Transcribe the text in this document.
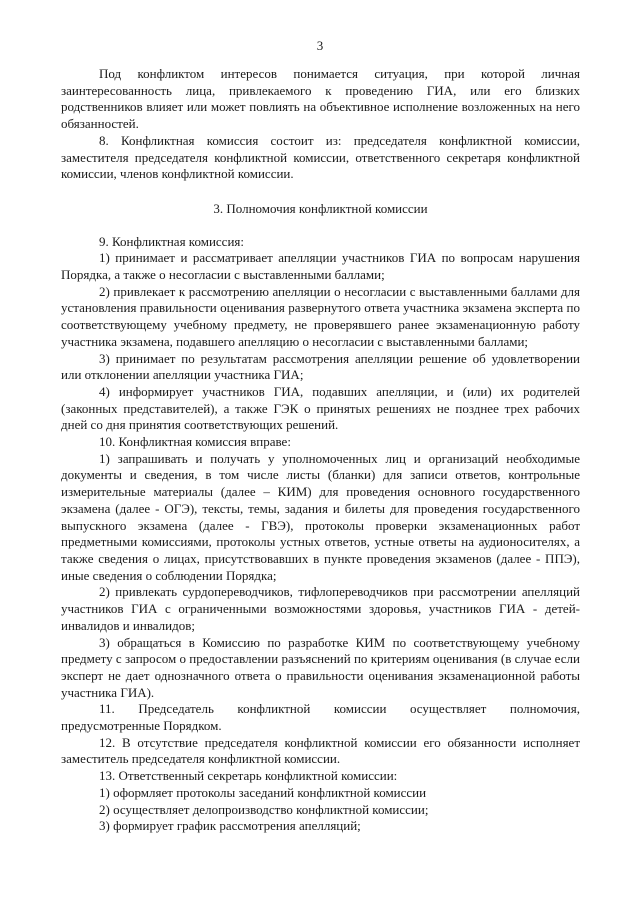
3

Под конфликтом интересов понимается ситуация, при которой личная заинтересованность лица, привлекаемого к проведению ГИА, или его близких родственников влияет или может повлиять на объективное исполнение возложенных на него обязанностей.

8. Конфликтная комиссия состоит из: председателя конфликтной комиссии, заместителя председателя конфликтной комиссии, ответственного секретаря конфликтной комиссии, членов конфликтной комиссии.

3. Полномочия конфликтной комиссии

9. Конфликтная комиссия:

1) принимает и рассматривает апелляции участников ГИА по вопросам нарушения Порядка, а также о несогласии с выставленными баллами;

2) привлекает к рассмотрению апелляции о несогласии с выставленными баллами для установления правильности оценивания развернутого ответа участника экзамена эксперта по соответствующему учебному предмету, не проверявшего ранее экзаменационную работу участника экзамена, подавшего апелляцию о несогласии с выставленными баллами;

3) принимает по результатам рассмотрения апелляции решение об удовлетворении или отклонении апелляции участника ГИА;

4) информирует участников ГИА, подавших апелляции, и (или) их родителей (законных представителей), а также ГЭК о принятых решениях не позднее трех рабочих дней со дня принятия соответствующих решений.

10. Конфликтная комиссия вправе:

1) запрашивать и получать у уполномоченных лиц и организаций необходимые документы и сведения, в том числе листы (бланки) для записи ответов, контрольные измерительные материалы (далее – КИМ) для проведения основного государственного экзамена (далее - ОГЭ), тексты, темы, задания и билеты для проведения государственного выпускного экзамена (далее - ГВЭ), протоколы проверки экзаменационных работ предметными комиссиями, протоколы устных ответов, устные ответы на аудионосителях, а также сведения о лицах, присутствовавших в пункте проведения экзаменов (далее - ППЭ), иные сведения о соблюдении Порядка;

2) привлекать сурдопереводчиков, тифлопереводчиков при рассмотрении апелляций участников ГИА с ограниченными возможностями здоровья, участников ГИА - детей-инвалидов и инвалидов;

3) обращаться в Комиссию по разработке КИМ по соответствующему учебному предмету с запросом о предоставлении разъяснений по критериям оценивания (в случае если эксперт не дает однозначного ответа о правильности оценивания экзаменационной работы участника ГИА).

11. Председатель конфликтной комиссии осуществляет полномочия, предусмотренные Порядком.

12. В отсутствие председателя конфликтной комиссии его обязанности исполняет заместитель председателя конфликтной комиссии.

13. Ответственный секретарь конфликтной комиссии:

1) оформляет протоколы заседаний конфликтной комиссии

2) осуществляет делопроизводство конфликтной комиссии;

3) формирует график рассмотрения апелляций;
